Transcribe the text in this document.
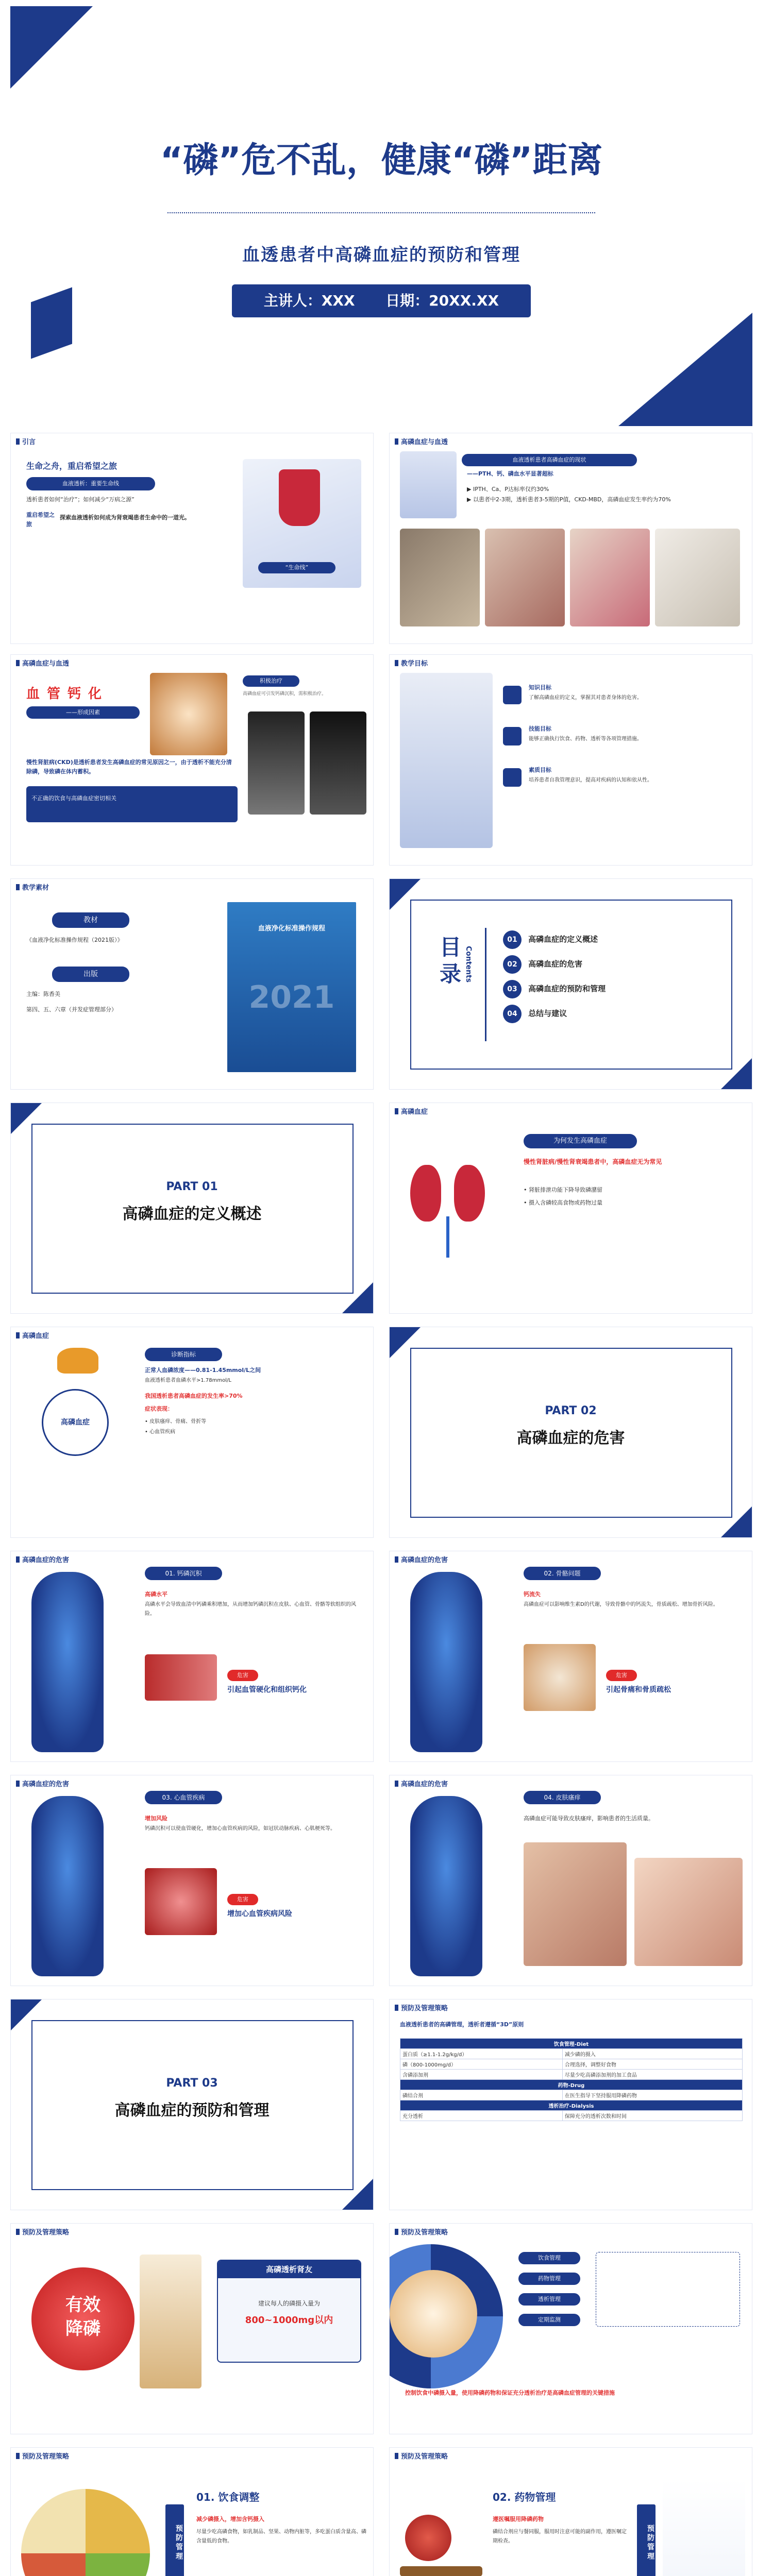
“磷”危不乱，健康“磷”距离
血透患者中高磷血症的预防和管理
主讲人：XXX 日期：20XX.XX
引言
生命之舟，重启希望之旅
血液透析：重要生命线
透析患者如何“治疗”；如何减少“万病之源”
重启希望之旅
探索血液透析如何成为肾衰竭患者生命中的一道光。
“生命线”
高磷血症与血透
血液透析患者高磷血症的现状
——PTH、钙、磷血水平显著超标
▶ IPTH、Ca、P达标率仅约30%
▶ 以患者中2-3期，透析患者3-5期的P值，CKD-MBD，高磷血症发生率约为70%
高磷血症与血透
血管钙化
——形成因素
积极治疗
高磷血症可引发钙磷沉积，需积极治疗。
慢性肾脏病(CKD)是透析患者发生高磷血症的常见原因之一，由于透析不能充分清除磷，导致磷在体内蓄积。
不正确的饮食与高磷血症密切相关
教学目标
知识目标
了解高磷血症的定义，掌握其对患者身体的危害。
技能目标
能够正确执行饮食、药物、透析等各项管理措施。
素质目标
培养患者自我管理意识，提高对疾病的认知和依从性。
教学素材
教材
《血液净化标准操作规程（2021版）》
出版
主编：陈香美
第四、五、六章（并发症管理部分）
血液净化标准操作规程
2021
目录 Contents
01 高磷血症的定义概述
02 高磷血症的危害
03 高磷血症的预防和管理
04 总结与建议
PART 01
高磷血症的定义概述
高磷血症
为何发生高磷血症
慢性肾脏病/慢性肾衰竭患者中，高磷血症无为常见
• 肾脏排泄功能下降导致磷潴留
• 摄入含磷较高食物或药物过量
高磷血症
高磷血症
诊断指标
正常人血磷浓度——0.81-1.45mmol/L之间
血液透析患者血磷水平>1.78mmol/L
我国透析患者高磷血症的发生率>70%
症状表现：
• 皮肤瘙痒、骨痛、骨折等
• 心血管疾病
PART 02
高磷血症的危害
高磷血症的危害
01. 钙磷沉积
高磷水平
高磷水平会导致血清中钙磷乘积增加，从而增加钙磷沉积在皮肤、心血管、骨骼等软组织的风险。
危害
引起血管硬化和组织钙化
高磷血症的危害
02. 骨骼问题
钙流失
高磷血症可以影响维生素D的代谢，导致骨骼中的钙流失，骨质疏松、增加骨折风险。
危害
引起骨痛和骨质疏松
高磷血症的危害
03. 心血管疾病
增加风险
钙磷沉积可以使血管硬化，增加心血管疾病的风险，如冠状动脉疾病、心肌梗死等。
危害
增加心血管疾病风险
高磷血症的危害
04. 皮肤瘙痒
高磷血症可能导致皮肤瘙痒，影响患者的生活质量。
PART 03
高磷血症的预防和管理
预防及管理策略
血液透析患者的高磷管理，透析者遵循“3D”原则
饮食管理-Diet	
蛋白质（≥1.1-1.2g/kg/d）	减少磷的摄入
磷（800-1000mg/d）	合理选择，调整好食物
含磷添加剂	尽量少吃高磷添加剂的加工食品
药物-Drug	
磷结合剂	在医生指导下坚持服用降磷药物
透析治疗-Dialysis	
充分透析	保障充分的透析次数和时间
预防及管理策略
有效
降磷
高磷透析肾友
建议每人的磷摄入量为
800~1000mg以内
预防及管理策略
饮食管理
药物管理
透析管理
定期监测
控制饮食中磷摄入量，使用降磷药物和保证充分透析治疗是高磷血症管理的关键措施
预防及管理策略
预防管理
01. 饮食调整
减少磷摄入，增加含钙摄入
尽量少吃高磷食物，如乳制品、坚果、动物内脏等，多吃蛋白质含量高、磷含量低的食物。
预防及管理策略
02. 药物管理
遵医嘱服用降磷药物
磷结合剂应与餐同服，服用时注意可能的副作用，遵医嘱定期检查。	预防管理
